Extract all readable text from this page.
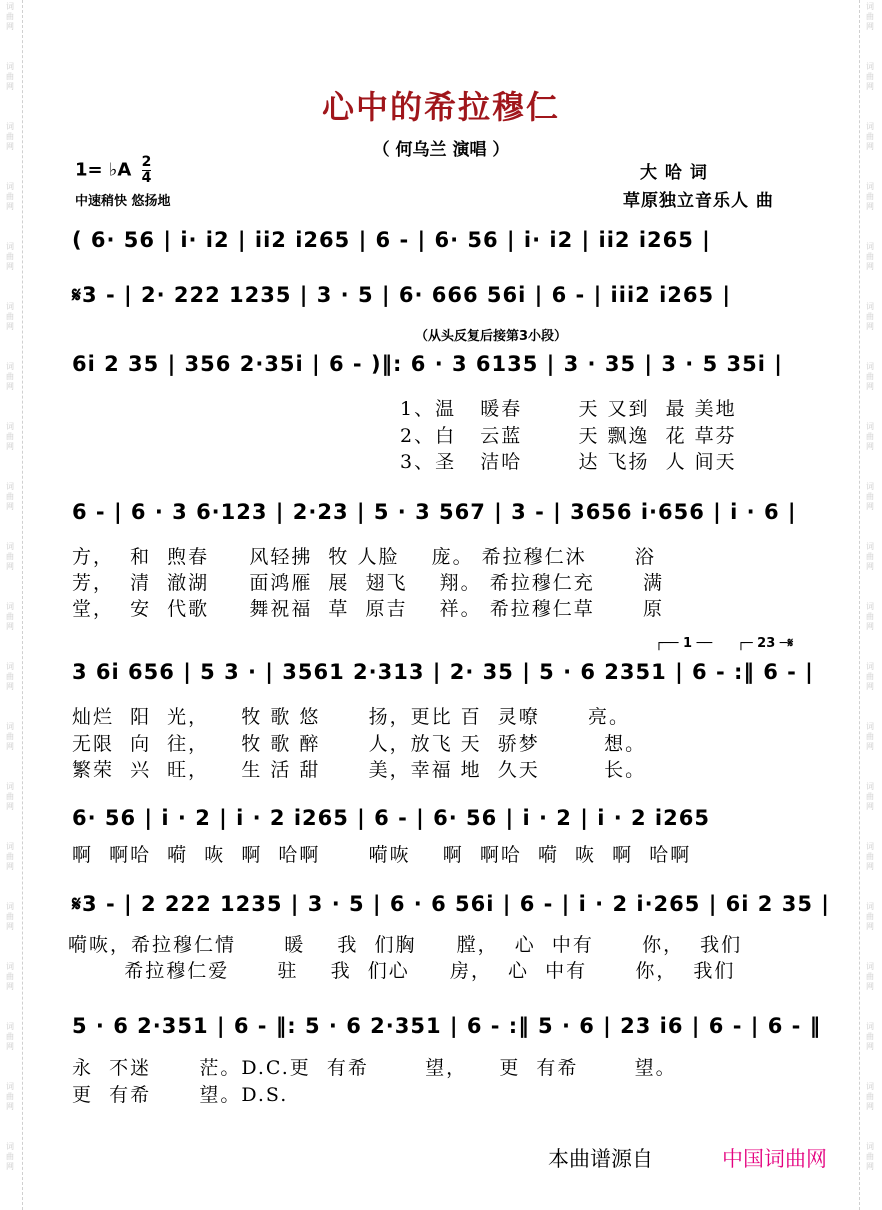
词
曲
网
词
曲
网
词
曲
网
词
曲
网
词
曲
网
词
曲
网
词
曲
网
词
曲
网
词
曲
网
词
曲
网
词
曲
网
词
曲
网
词
曲
网
词
曲
网
词
曲
网
词
曲
网
词
曲
网
词
曲
网
词
曲
网
词
曲
网
词
曲
网
词
曲
网
词
曲
网
词
曲
网
词
曲
网
词
曲
网
词
曲
网
词
曲
网
词
曲
网
词
曲
网
词
曲
网
词
曲
网
词
曲
网
词
曲
网
词
曲
网
词
曲
网
词
曲
网
词
曲
网
词
曲
网
词
曲
网
心中的希拉穆仁
（ 何乌兰 演唱 ）
1= ♭A $\frac{2}{4}$
中速稍快 悠扬地
大 哈 词
草原独立音乐人 曲
( 6· 56 | i· i2 | ii2 i265 | 6 - | 6· 56 | i· i2 | ii2 i265 |
𝄋3 - | 2· 222 1235 | 3 · 5 | 6· 666 56i | 6 - | iii2 i265 |
（从头反复后接第3小段）
6i 2 35 | 356 2·35i | 6 - )‖: 6 · 3 6135 | 3 · 35 | 3 · 5 35i |
1、温   暖春       天 又到  最 美地
2、白   云蓝       天 飘逸  花 草芬
3、圣   洁哈       达 飞扬  人 间天
6 - | 6 · 3 6·123 | 2·23 | 5 · 3 567 | 3 - | 3656 i·656 | i · 6 |
方，  和  煦春     风轻拂  牧 人脸    庞。 希拉穆仁沐      浴
芳，  清  澈湖     面鸿雁  展  翅飞    翔。 希拉穆仁充      满
堂，  安  代歌     舞祝福  草  原吉    祥。 希拉穆仁草      原
┌── 1 ── ┌─ 23 ─𝄋
3 6i 656 | 5 3 · | 3561 2·313 | 2· 35 | 5 · 6 2351 | 6 - :‖ 6 - |
灿烂  阳  光，    牧 歌 悠      扬，更比 百  灵嘹      亮。
无限  向  往，    牧 歌 醉      人，放飞 天  骄梦        想。
繁荣  兴  旺，    生 活 甜      美，幸福 地  久天        长。
6· 56 | i · 2 | i · 2 i265 | 6 - | 6· 56 | i · 2 | i · 2 i265
啊  啊哈  嗬  咴  啊  哈啊      嗬咴    啊  啊哈  嗬  咴  啊  哈啊
𝄋3 - | 2 222 1235 | 3 · 5 | 6 · 6 56i | 6 - | i · 2 i·265 | 6i 2 35 |
嗬咴，希拉穆仁情      暖    我  们胸     膛，  心  中有      你，  我们
希拉穆仁爱      驻    我  们心     房，  心  中有      你，  我们
5 · 6 2·351 | 6 - ‖: 5 · 6 2·351 | 6 - :‖ 5 · 6 | 23 i6 | 6 - | 6 - ‖
永  不迷      茫。D.C.更  有希       望，    更  有希       望。
更  有希      望。D.S.
本曲谱源自	中国词曲网
